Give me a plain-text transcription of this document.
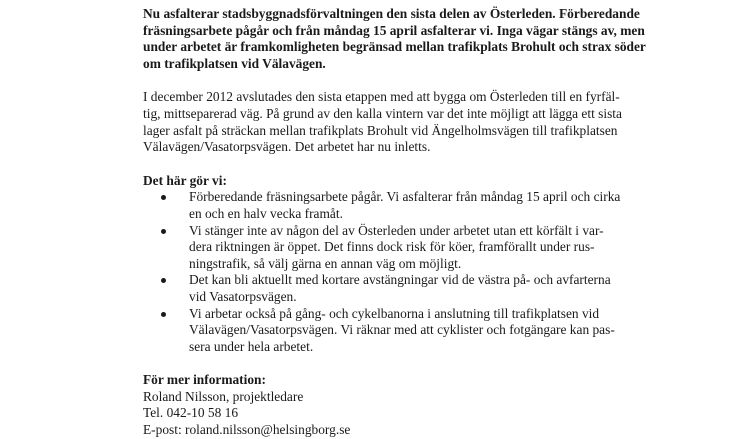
Nu asfalterar stadsbyggnadsförvaltningen den sista delen av Österleden. Förberedande
fräsningsarbete pågår och från måndag 15 april asfalterar vi. Inga vägar stängs av, men
under arbetet är framkomligheten begränsad mellan trafikplats Brohult och strax söder
om trafikplatsen vid Välavägen.

I december 2012 avslutades den sista etappen med att bygga om Österleden till en fyrfäl-
tig, mittseparerad väg. På grund av den kalla vintern var det inte möjligt att lägga ett sista
lager asfalt på sträckan mellan trafikplats Brohult vid Ängelholmsvägen till trafikplatsen
Välavägen/Vasatorpsvägen. Det arbetet har nu inletts.

Det här gör vi:
Förberedande fräsningsarbete pågår. Vi asfalterar från måndag 15 april och cirka
en och en halv vecka framåt.
Vi stänger inte av någon del av Österleden under arbetet utan ett körfält i var-
dera riktningen är öppet. Det finns dock risk för köer, framförallt under rus-
ningstrafik, så välj gärna en annan väg om möjligt.
Det kan bli aktuellt med kortare avstängningar vid de västra på- och avfarterna
vid Vasatorpsvägen.
Vi arbetar också på gång- och cykelbanorna i anslutning till trafikplatsen vid
Välavägen/Vasatorpsvägen. Vi räknar med att cyklister och fotgängare kan pas-
sera under hela arbetet.
För mer information:
Roland Nilsson, projektledare
Tel. 042-10 58 16
E-post: roland.nilsson@helsingborg.se
